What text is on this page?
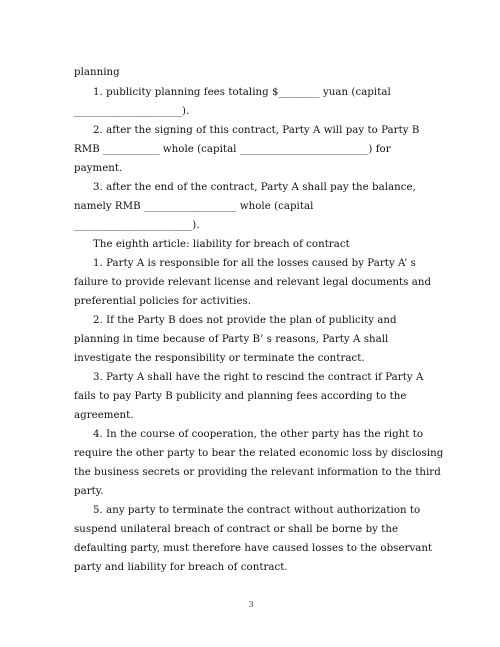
planning

1. publicity planning fees totaling $________ yuan (capital

_____________________).

2. after the signing of this contract, Party A will pay to Party B

RMB ___________ whole (capital _________________________) for

payment.

3. after the end of the contract, Party A shall pay the balance,

namely RMB __________________ whole (capital

_______________________).

The eighth article: liability for breach of contract

1. Party A is responsible for all the losses caused by Party A’ s

failure to provide relevant license and relevant legal documents and

preferential policies for activities.

2. If the Party B does not provide the plan of publicity and

planning in time because of Party B’ s reasons, Party A shall

investigate the responsibility or terminate the contract.

3. Party A shall have the right to rescind the contract if Party A

fails to pay Party B publicity and planning fees according to the

agreement.

4. In the course of cooperation, the other party has the right to

require the other party to bear the related economic loss by disclosing

the business secrets or providing the relevant information to the third

party.

5. any party to terminate the contract without authorization to

suspend unilateral breach of contract or shall be borne by the

defaulting party, must therefore have caused losses to the observant

party and liability for breach of contract.

3
